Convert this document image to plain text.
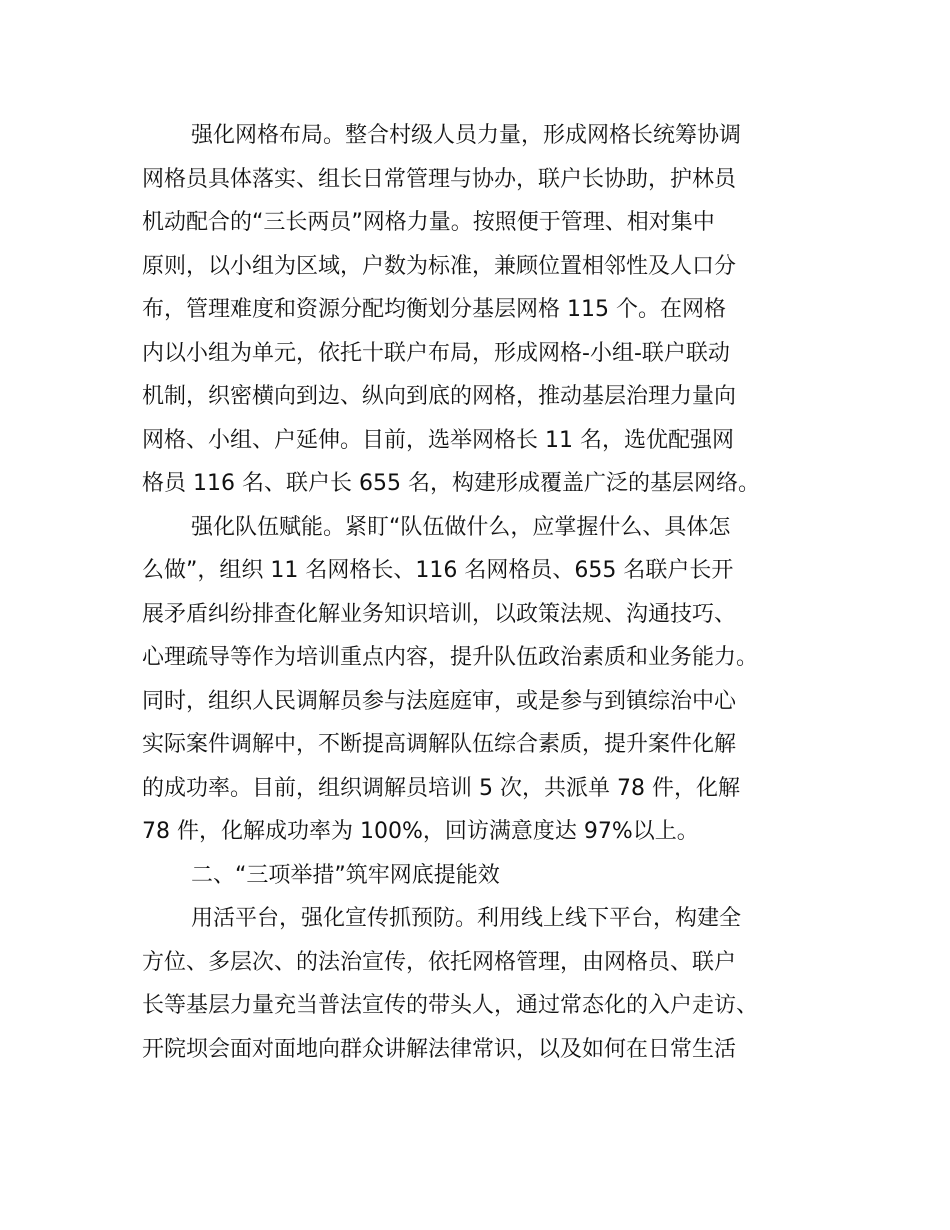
强化网格布局。整合村级人员力量，形成网格长统筹协调
网格员具体落实、组长日常管理与协办，联户长协助，护林员
机动配合的“三长两员”网格力量。按照便于管理、相对集中
原则，以小组为区域，户数为标准，兼顾位置相邻性及人口分
布，管理难度和资源分配均衡划分基层网格 115 个。在网格
内以小组为单元，依托十联户布局，形成网格-小组-联户联动
机制，织密横向到边、纵向到底的网格，推动基层治理力量向
网格、小组、户延伸。目前，选举网格长 11 名，选优配强网
格员 116 名、联户长 655 名，构建形成覆盖广泛的基层网络。
强化队伍赋能。紧盯“队伍做什么，应掌握什么、具体怎
么做”，组织 11 名网格长、116 名网格员、655 名联户长开
展矛盾纠纷排查化解业务知识培训，以政策法规、沟通技巧、
心理疏导等作为培训重点内容，提升队伍政治素质和业务能力。
同时，组织人民调解员参与法庭庭审，或是参与到镇综治中心
实际案件调解中，不断提高调解队伍综合素质，提升案件化解
的成功率。目前，组织调解员培训 5 次，共派单 78 件，化解
78 件，化解成功率为 100%，回访满意度达 97%以上。
二、“三项举措”筑牢网底提能效
用活平台，强化宣传抓预防。利用线上线下平台，构建全
方位、多层次、的法治宣传，依托网格管理，由网格员、联户
长等基层力量充当普法宣传的带头人，通过常态化的入户走访、
开院坝会面对面地向群众讲解法律常识，以及如何在日常生活
